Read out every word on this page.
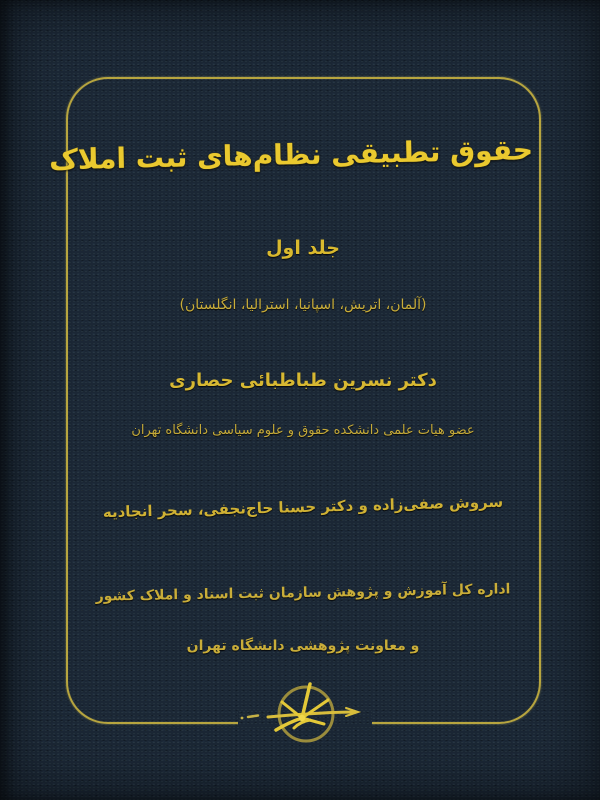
حقوق تطبیقی نظام‌های ثبت املاک
جلد اول
(آلمان، اتریش، اسپانیا، استرالیا، انگلستان)
دکتر نسرین طباطبائی حصاری
عضو هیات علمی دانشکده حقوق و علوم سیاسی دانشگاه تهران
سروش صفی‌زاده و دکتر حسنا حاج‌نجفی، سحر انجادیه
اداره کل آموزش و پژوهش سازمان ثبت اسناد و املاک کشور
و معاونت پژوهشی دانشگاه تهران
